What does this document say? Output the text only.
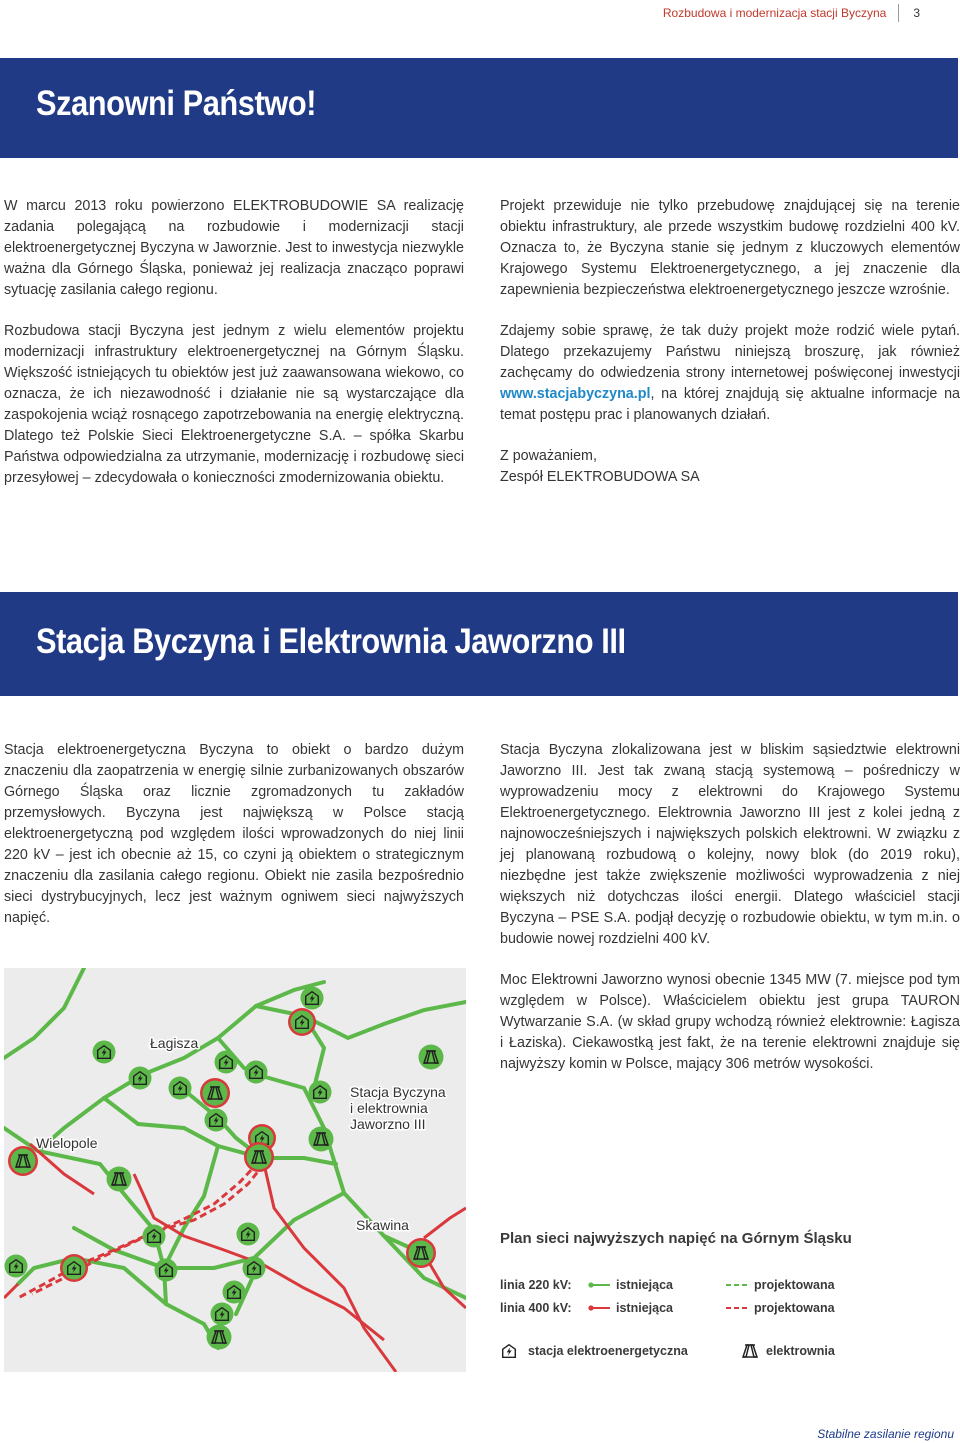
Rozbudowa i modernizacja stacji Byczyna 3
Szanowni Państwo!

W marcu 2013 roku powierzono ELEKTROBUDOWIE SA realizację zadania polegającą na rozbudowie i modernizacji stacji elektroenergetycznej Byczyna w Jaworznie. Jest to inwestycja niezwykle ważna dla Górnego Śląska, ponieważ jej realizacja znacząco poprawi sytuację zasilania całego regionu.

Rozbudowa stacji Byczyna jest jednym z wielu elementów projektu modernizacji infrastruktury elektroenergetycznej na Górnym Śląsku. Większość istniejących tu obiektów jest już zaawansowana wiekowo, co oznacza, że ich niezawodność i działanie nie są wystarczające dla zaspokojenia wciąż rosnącego zapotrzebowania na energię elektryczną. Dlatego też Polskie Sieci Elektroenergetyczne S.A. – spółka Skarbu Państwa odpowiedzialna za utrzymanie, modernizację i rozbudowę sieci przesyłowej – zdecydowała o konieczności zmodernizowania obiektu.

Projekt przewiduje nie tylko przebudowę znajdującej się na terenie obiektu infrastruktury, ale przede wszystkim budowę rozdzielni 400 kV. Oznacza to, że Byczyna stanie się jednym z kluczowych elementów Krajowego Systemu Elektroenergetycznego, a jej znaczenie dla zapewnienia bezpieczeństwa elektroenergetycznego jeszcze wzrośnie.

Zdajemy sobie sprawę, że tak duży projekt może rodzić wiele pytań. Dlatego przekazujemy Państwu niniejszą broszurę, jak również zachęcamy do odwiedzenia strony internetowej poświęconej inwestycji www.stacjabyczyna.pl, na której znajdują się aktualne informacje na temat postępu prac i planowanych działań.

Z poważaniem,

Zespół ELEKTROBUDOWA SA

Stacja Byczyna i Elektrownia Jaworzno III

Stacja elektroenergetyczna Byczyna to obiekt o bardzo dużym znaczeniu dla zaopatrzenia w energię silnie zurbanizowanych obszarów Górnego Śląska oraz licznie zgromadzonych tu zakładów przemysłowych. Byczyna jest największą w Polsce stacją elektroenergetyczną pod względem ilości wprowadzonych do niej linii 220 kV – jest ich obecnie aż 15, co czyni ją obiektem o strategicznym znaczeniu dla zasilania całego regionu. Obiekt nie zasila bezpośrednio sieci dystrybucyjnych, lecz jest ważnym ogniwem sieci najwyższych napięć.

Stacja Byczyna zlokalizowana jest w bliskim sąsiedztwie elektrowni Jaworzno III. Jest tak zwaną stacją systemową – pośredniczy w wyprowadzeniu mocy z elektrowni do Krajowego Systemu Elektroenergetycznego. Elektrownia Jaworzno III jest z kolei jedną z najnowocześniejszych i największych polskich elektrowni. W związku z jej planowaną rozbudową o kolejny, nowy blok (do 2019 roku), niezbędne jest także zwiększenie możliwości wyprowadzenia z niej większych niż dotychczas ilości energii. Dlatego właściciel stacji Byczyna – PSE S.A. podjął decyzję o rozbudowie obiektu, w tym m.in. o budowie nowej rozdzielni 400 kV.

Moc Elektrowni Jaworzno wynosi obecnie 1345 MW (7. miejsce pod tym względem w Polsce). Właścicielem obiektu jest grupa TAURON Wytwarzanie S.A. (w skład grupy wchodzą również elektrownie: Łagisza i Łaziska). Ciekawostką jest fakt, że na terenie elektrowni znajduje się najwyższy komin w Polsce, mający 306 metrów wysokości.

Wielopole
Łagisza
Stacja Byczyna
i elektrownia
Jaworzno III
Skawina
Plan sieci najwyższych napięć na Górnym Śląsku
linia 220 kV:	istniejąca	projektowana
linia 400 kV:	istniejąca	projektowana
stacja elektroenergetyczna	elektrownia
Stabilne zasilanie regionu
